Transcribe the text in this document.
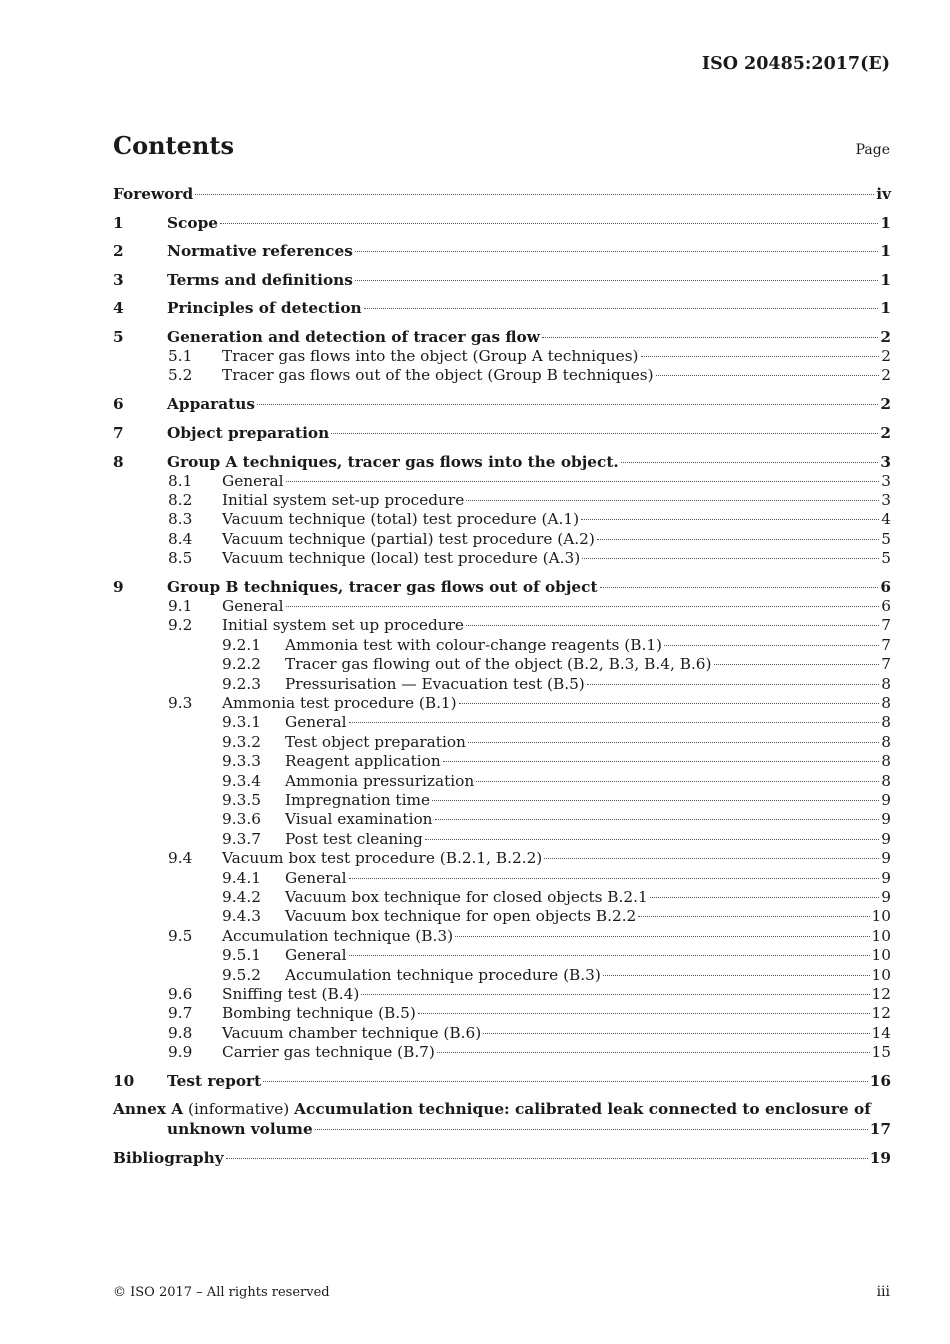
ISO 20485:2017(E)
Contents	Page
Foreword	iv
1	Scope	1
2	Normative references	1
3	Terms and definitions	1
4	Principles of detection	1
5	Generation and detection of tracer gas flow	2
5.1	Tracer gas flows into the object (Group A techniques)	2
5.2	Tracer gas flows out of the object (Group B techniques)	2
6	Apparatus	2
7	Object preparation	2
8	Group A techniques, tracer gas flows into the object.	3
8.1	General	3
8.2	Initial system set-up procedure	3
8.3	Vacuum technique (total) test procedure (A.1)	4
8.4	Vacuum technique (partial) test procedure (A.2)	5
8.5	Vacuum technique (local) test procedure (A.3)	5
9	Group B techniques, tracer gas flows out of object	6
9.1	General	6
9.2	Initial system set up procedure	7
9.2.1	Ammonia test with colour-change reagents (B.1)	7
9.2.2	Tracer gas flowing out of the object (B.2, B.3, B.4, B.6)	7
9.2.3	Pressurisation — Evacuation test (B.5)	8
9.3	Ammonia test procedure (B.1)	8
9.3.1	General	8
9.3.2	Test object preparation	8
9.3.3	Reagent application	8
9.3.4	Ammonia pressurization	8
9.3.5	Impregnation time	9
9.3.6	Visual examination	9
9.3.7	Post test cleaning	9
9.4	Vacuum box test procedure (B.2.1, B.2.2)	9
9.4.1	General	9
9.4.2	Vacuum box technique for closed objects B.2.1	9
9.4.3	Vacuum box technique for open objects B.2.2	10
9.5	Accumulation technique (B.3)	10
9.5.1	General	10
9.5.2	Accumulation technique procedure (B.3)	10
9.6	Sniffing test (B.4)	12
9.7	Bombing technique (B.5)	12
9.8	Vacuum chamber technique (B.6)	14
9.9	Carrier gas technique (B.7)	15
10	Test report	16
Annex A (informative) Accumulation technique: calibrated leak connected to enclosure of
unknown volume	17
Bibliography	19
© ISO 2017 – All rights reserved	iii
